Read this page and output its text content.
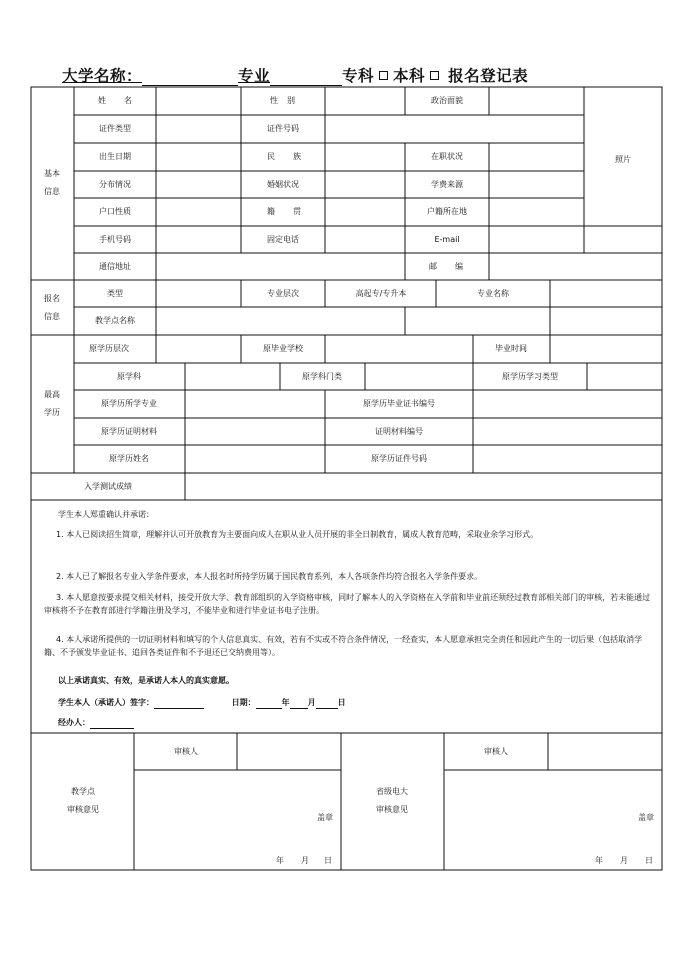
大学名称：	专业	专科 本科 报名登记表
基本
信息
姓名	性别	政治面貌
照片
证件类型	证件号码
出生日期	民族	在职状况
分布情况	婚姻状况	学费来源
户口性质	籍贯	户籍所在地
手机号码	固定电话	E-mail
通信地址	邮编
报名
信息
类型	专业层次	高起专/专升本	专业名称
教学点名称
最高
学历
原学历层次	原毕业学校	毕业时间
原学科	原学科门类	原学历学习类型
原学历所学专业	原学历毕业证书编号
原学历证明材料	证明材料编号
原学历姓名	原学历证件号码
入学测试成绩
学生本人郑重确认并承诺：
1. 本人已阅读招生简章，理解并认可开放教育为主要面向成人在职从业人员开展的非全日制教育，属成人教育范畴，采取业余学习形式。
2. 本人已了解报名专业入学条件要求，本人报名时所持学历属于国民教育系列，本人各项条件均符合报名入学条件要求。
3. 本人愿意按要求提交相关材料，接受开放大学、教育部组织的入学资格审核，同时了解本人的入学资格在入学前和毕业前还须经过教育部相关部门的审核，若未能通过审核将不予在教育部进行学籍注册及学习，不能毕业和进行毕业证书电子注册。
4. 本人承诺所提供的一切证明材料和填写的个人信息真实、有效，若有不实或不符合条件情况，一经查实，本人愿意承担完全责任和因此产生的一切后果（包括取消学籍、不予颁发毕业证书、追回各类证件和不予退还已交纳费用等）。
以上承诺真实、有效，是承诺人本人的真实意愿。
学生本人（承诺人）签字：	日期：	年 月	日
经办人：
教学点
审核意见
审核人
盖章
年 月 日
省级电大
审核意见
审核人
盖章
年 月 日
